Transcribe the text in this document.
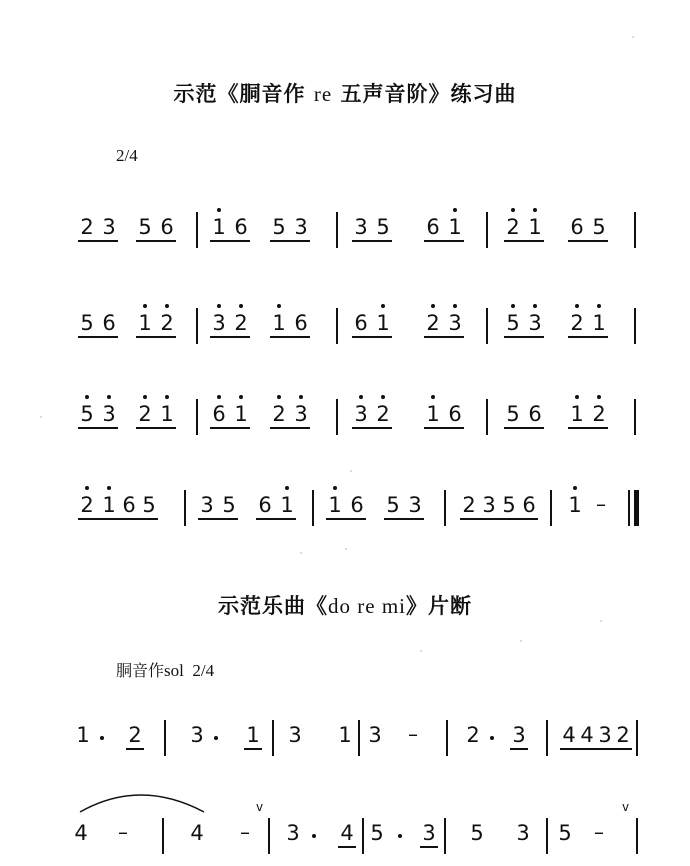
示范《胴音作 re 五声音阶》练习曲
2/4
2 3 5 6 1 6 5 3 3 5 6 1 2 1 6 5
5 6 1 2 3 2 1 6 6 1 2 3 5 3 2 1
5 3 2 1 6 1 2 3 3 2 1 6 5 6 1 2
2 1 6 5 3 5 6 1 1 6 5 3 2 3 5 6 1 –
1 2 3 1 3 1 3 – 2 3 4 4 3 2
4 –	4 –
v
3 4 5 3 5 3 5 –
v
示范乐曲《do re mi》片断
胴音作sol 2/4
